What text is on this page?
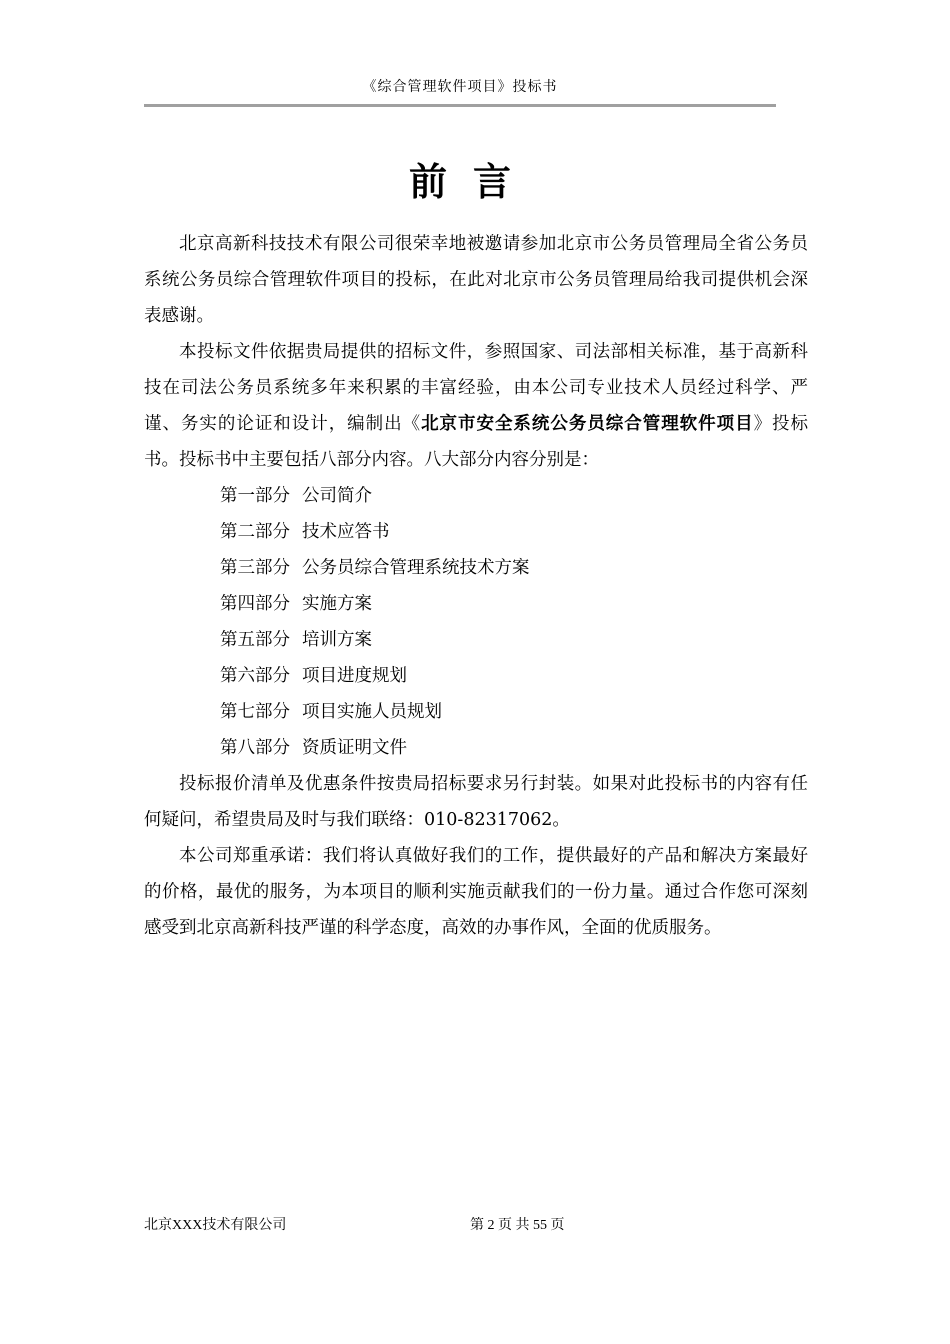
《综合管理软件项目》投标书
前言

北京高新科技技术有限公司很荣幸地被邀请参加北京市公务员管理局全省公务员系统公务员综合管理软件项目的投标，在此对北京市公务员管理局给我司提供机会深表感谢。

本投标文件依据贵局提供的招标文件，参照国家、司法部相关标准，基于高新科技在司法公务员系统多年来积累的丰富经验，由本公司专业技术人员经过科学、严谨、务实的论证和设计，编制出《北京市安全系统公务员综合管理软件项目》投标书。投标书中主要包括八部分内容。八大部分内容分别是：

第一部分 公司简介
第二部分 技术应答书
第三部分 公务员综合管理系统技术方案
第四部分 实施方案
第五部分 培训方案
第六部分 项目进度规划
第七部分 项目实施人员规划
第八部分 资质证明文件

投标报价清单及优惠条件按贵局招标要求另行封装。如果对此投标书的内容有任何疑问，希望贵局及时与我们联络：010-82317062。

本公司郑重承诺：我们将认真做好我们的工作，提供最好的产品和解决方案最好的价格，最优的服务，为本项目的顺利实施贡献我们的一份力量。通过合作您可深刻感受到北京高新科技严谨的科学态度，高效的办事作风，全面的优质服务。

北京XXX技术有限公司	第 2 页 共 55 页
